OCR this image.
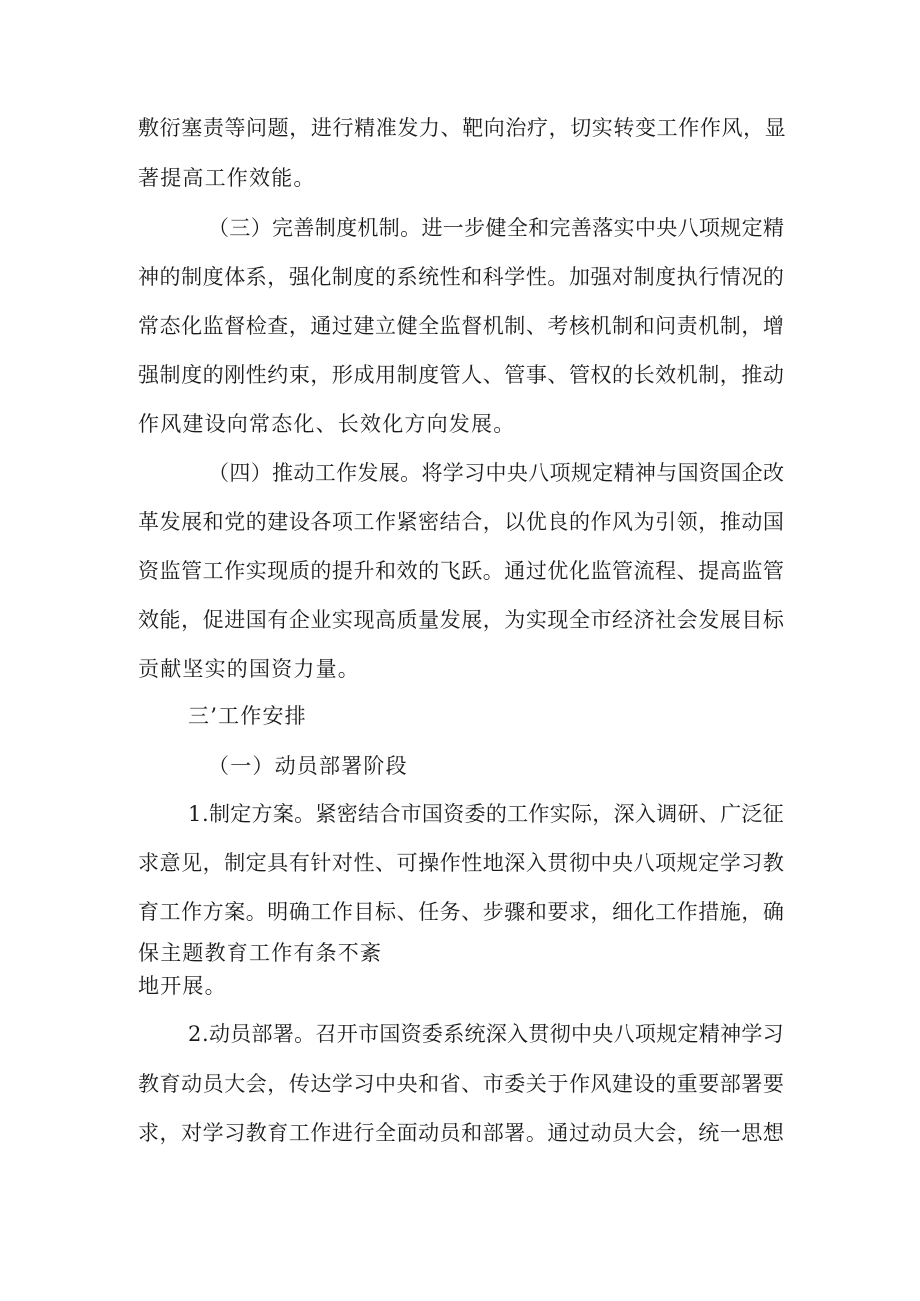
敷 衍 塞 责 等 问 题 ， 进 行 精 准 发 力 、 靶 向 治 疗 ， 切 实 转 变 工 作 作 风 ， 显
著提高工作效能。
（ 三 ） 完 善 制 度 机 制 。 进 一 步 健 全 和 完 善 落 实 中 央 八 项 规 定 精
神 的 制 度 体 系 ， 强 化 制 度 的 系 统 性 和 科 学 性 。 加 强 对 制 度 执 行 情 况 的
常 态 化 监 督 检 查 ， 通 过 建 立 健 全 监 督 机 制 、 考 核 机 制 和 问 责 机 制 ， 增
强 制 度 的 刚 性 约 束 ， 形 成 用 制 度 管 人 、 管 事 、 管 权 的 长 效 机 制 ， 推 动
作风建设向常态化、长效化方向发展。
（ 四 ） 推 动 工 作 发 展 。 将 学 习 中 央 八 项 规 定 精 神 与 国 资 国 企 改
革 发 展 和 党 的 建 设 各 项 工 作 紧 密 结 合 ， 以 优 良 的 作 风 为 引 领 ， 推 动 国
资 监 管 工 作 实 现 质 的 提 升 和 效 的 飞 跃 。 通 过 优 化 监 管 流 程 、 提 高 监 管
效 能 ， 促 进 国 有 企 业 实 现 高 质 量 发 展 ， 为 实 现 全 市 经 济 社 会 发 展 目 标
贡献坚实的国资力量。
三’工作安排
（一）动员部署阶段
1 . 制 定 方 案 。 紧 密 结 合 市 国 资 委 的 工 作 实 际 ， 深 入 调 研 、 广 泛 征
求 意 见 ， 制 定 具 有 针 对 性 、 可 操 作 性 地 深 入 贯 彻 中 央 八 项 规 定 学 习 教
育 工 作 方 案 。 明 确 工 作 目 标 、 任 务 、 步 骤 和 要 求 ， 细 化 工 作 措 施 ， 确
保主题教育工作有条不紊
地开展。
2 . 动 员 部 署 。 召 开 市 国 资 委 系 统 深 入 贯 彻 中 央 八 项 规 定 精 神 学 习
教 育 动 员 大 会 ， 传 达 学 习 中 央 和 省 、 市 委 关 于 作 风 建 设 的 重 要 部 署 要
求 ， 对 学 习 教 育 工 作 进 行 全 面 动 员 和 部 署 。 通 过 动 员 大 会 ， 统 一 思 想
